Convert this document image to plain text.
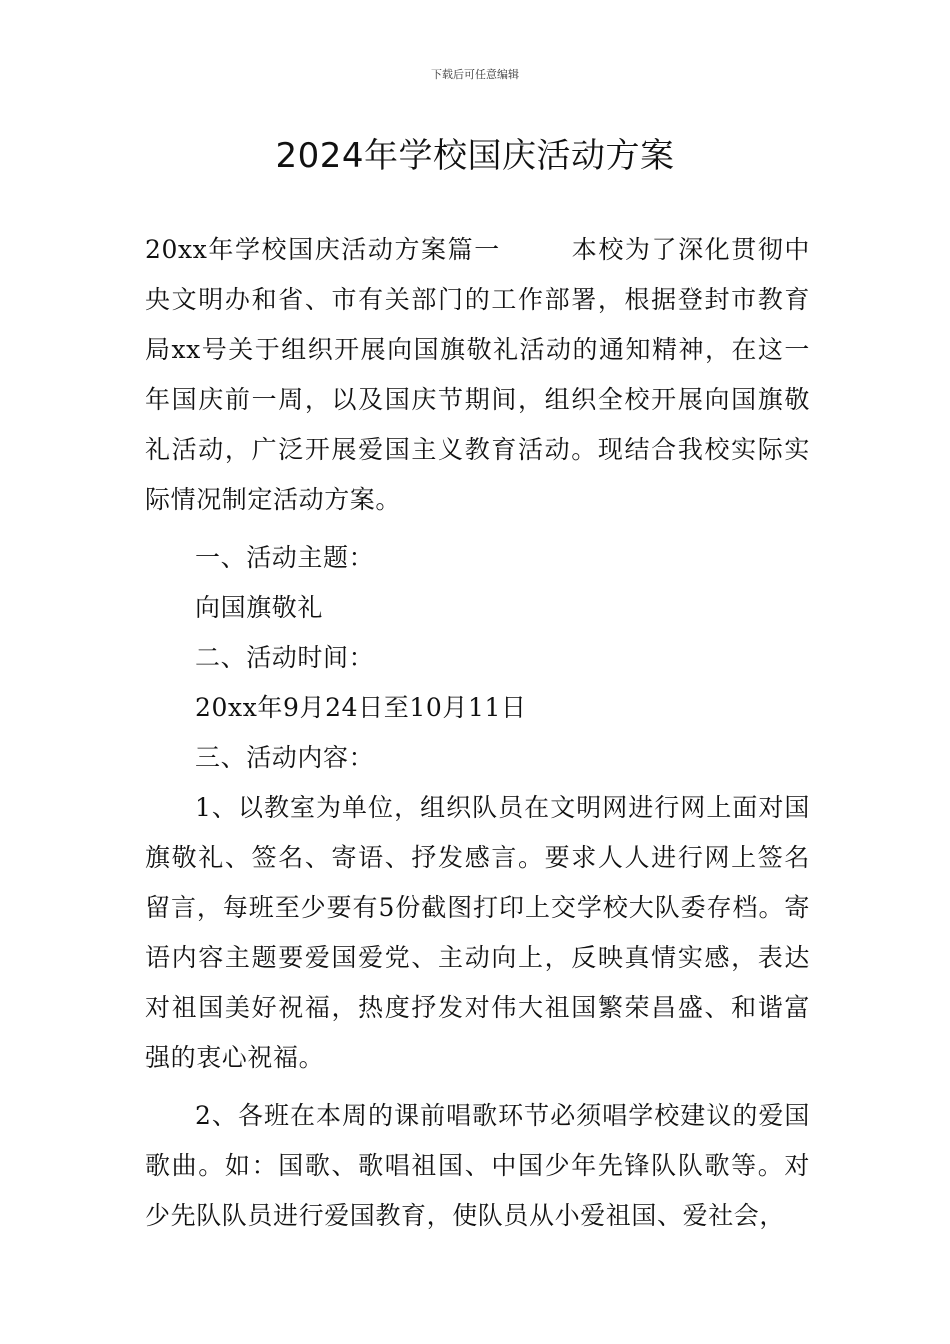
下载后可任意编辑
2024年学校国庆活动方案

20xx年学校国庆活动方案篇一	本校为了深化贯彻中央文明办和省、市有关部门的工作部署，根据登封市教育局xx号关于组织开展向国旗敬礼活动的通知精神，在这一年国庆前一周，以及国庆节期间，组织全校开展向国旗敬礼活动，广泛开展爱国主义教育活动。现结合我校实际实际情况制定活动方案。

一、活动主题：

向国旗敬礼

二、活动时间：

20xx年9月24日至10月11日

三、活动内容：

1、以教室为单位，组织队员在文明网进行网上面对国旗敬礼、签名、寄语、抒发感言。要求人人进行网上签名留言，每班至少要有5份截图打印上交学校大队委存档。寄语内容主题要爱国爱党、主动向上，反映真情实感，表达对祖国美好祝福，热度抒发对伟大祖国繁荣昌盛、和谐富强的衷心祝福。

2、各班在本周的课前唱歌环节必须唱学校建议的爱国歌曲。如：国歌、歌唱祖国、中国少年先锋队队歌等。对少先队队员进行爱国教育，使队员从小爱祖国、爱社会，
